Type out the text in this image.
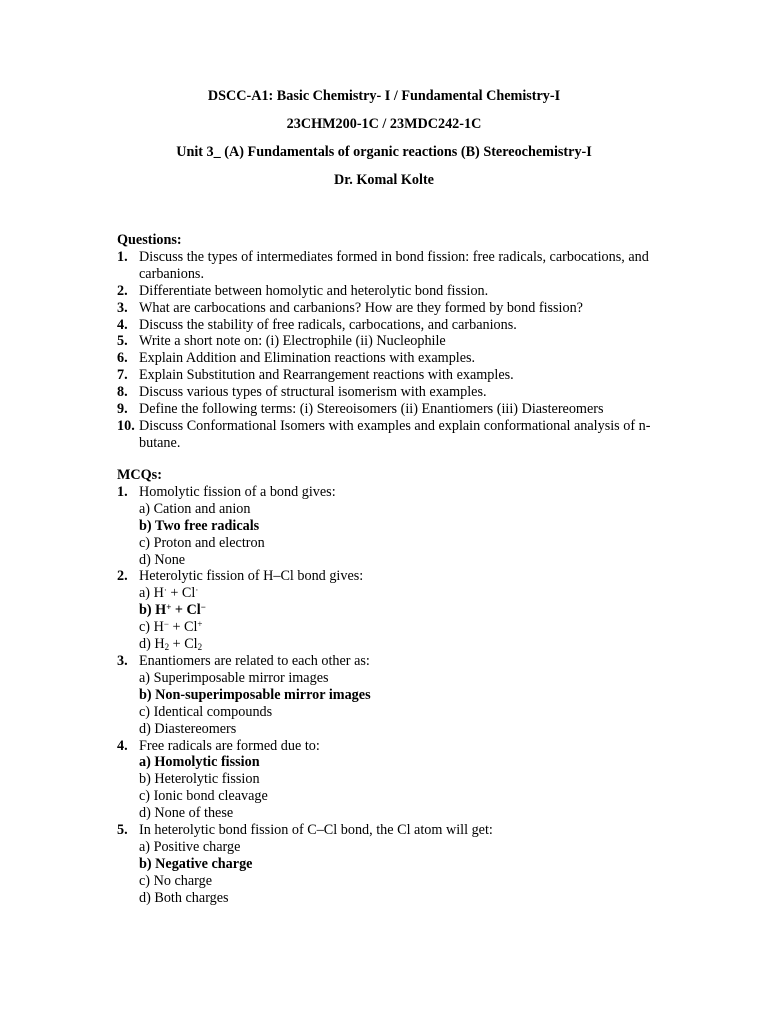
DSCC-A1: Basic Chemistry- I / Fundamental Chemistry-I
23CHM200-1C / 23MDC242-1C
Unit 3_ (A) Fundamentals of organic reactions (B) Stereochemistry-I
Dr. Komal Kolte
Questions:
1. Discuss the types of intermediates formed in bond fission: free radicals, carbocations, and carbanions.
2. Differentiate between homolytic and heterolytic bond fission.
3. What are carbocations and carbanions? How are they formed by bond fission?
4. Discuss the stability of free radicals, carbocations, and carbanions.
5. Write a short note on: (i) Electrophile (ii) Nucleophile
6. Explain Addition and Elimination reactions with examples.
7. Explain Substitution and Rearrangement reactions with examples.
8. Discuss various types of structural isomerism with examples.
9. Define the following terms: (i) Stereoisomers (ii) Enantiomers (iii) Diastereomers
10. Discuss Conformational Isomers with examples and explain conformational analysis of n-butane.
MCQs:
1. Homolytic fission of a bond gives:
a) Cation and anion
b) Two free radicals
c) Proton and electron
d) None
2. Heterolytic fission of H–Cl bond gives:
a) H· + Cl·
b) H+ + Cl−
c) H− + Cl+
d) $H_2 + Cl_2$
3. Enantiomers are related to each other as:
a) Superimposable mirror images
b) Non-superimposable mirror images
c) Identical compounds
d) Diastereomers
4. Free radicals are formed due to:
a) Homolytic fission
b) Heterolytic fission
c) Ionic bond cleavage
d) None of these
5. In heterolytic bond fission of C–Cl bond, the Cl atom will get:
a) Positive charge
b) Negative charge
c) No charge
d) Both charges
